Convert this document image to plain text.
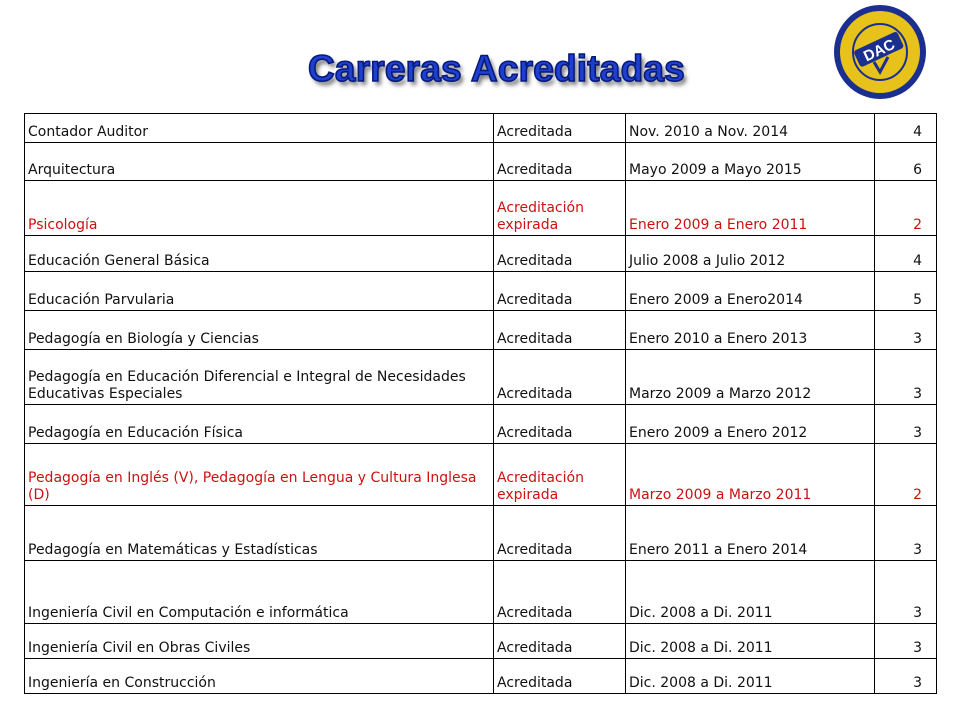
Carreras Acreditadas	DAC
Contador Auditor	Acreditada	Nov. 2010 a Nov. 2014	4
Arquitectura	Acreditada	Mayo 2009 a Mayo 2015	6
Psicología	Acreditación expirada	Enero 2009 a Enero 2011	2
Educación General Básica	Acreditada	Julio 2008 a Julio 2012	4
Educación Parvularia	Acreditada	Enero 2009 a Enero2014	5
Pedagogía en Biología y Ciencias	Acreditada	Enero 2010 a Enero 2013	3
Pedagogía en Educación Diferencial e Integral de Necesidades Educativas Especiales	Acreditada	Marzo 2009 a Marzo 2012	3
Pedagogía en Educación Física	Acreditada	Enero 2009 a Enero 2012	3
Pedagogía en Inglés (V), Pedagogía en Lengua y Cultura Inglesa (D)	Acreditación expirada	Marzo 2009 a Marzo 2011	2
Pedagogía en Matemáticas y Estadísticas	Acreditada	Enero 2011 a Enero 2014	3
Ingeniería Civil en Computación e informática	Acreditada	Dic. 2008 a Di. 2011	3
Ingeniería Civil en Obras Civiles	Acreditada	Dic. 2008 a Di. 2011	3
Ingeniería en Construcción	Acreditada	Dic. 2008 a Di. 2011	3
